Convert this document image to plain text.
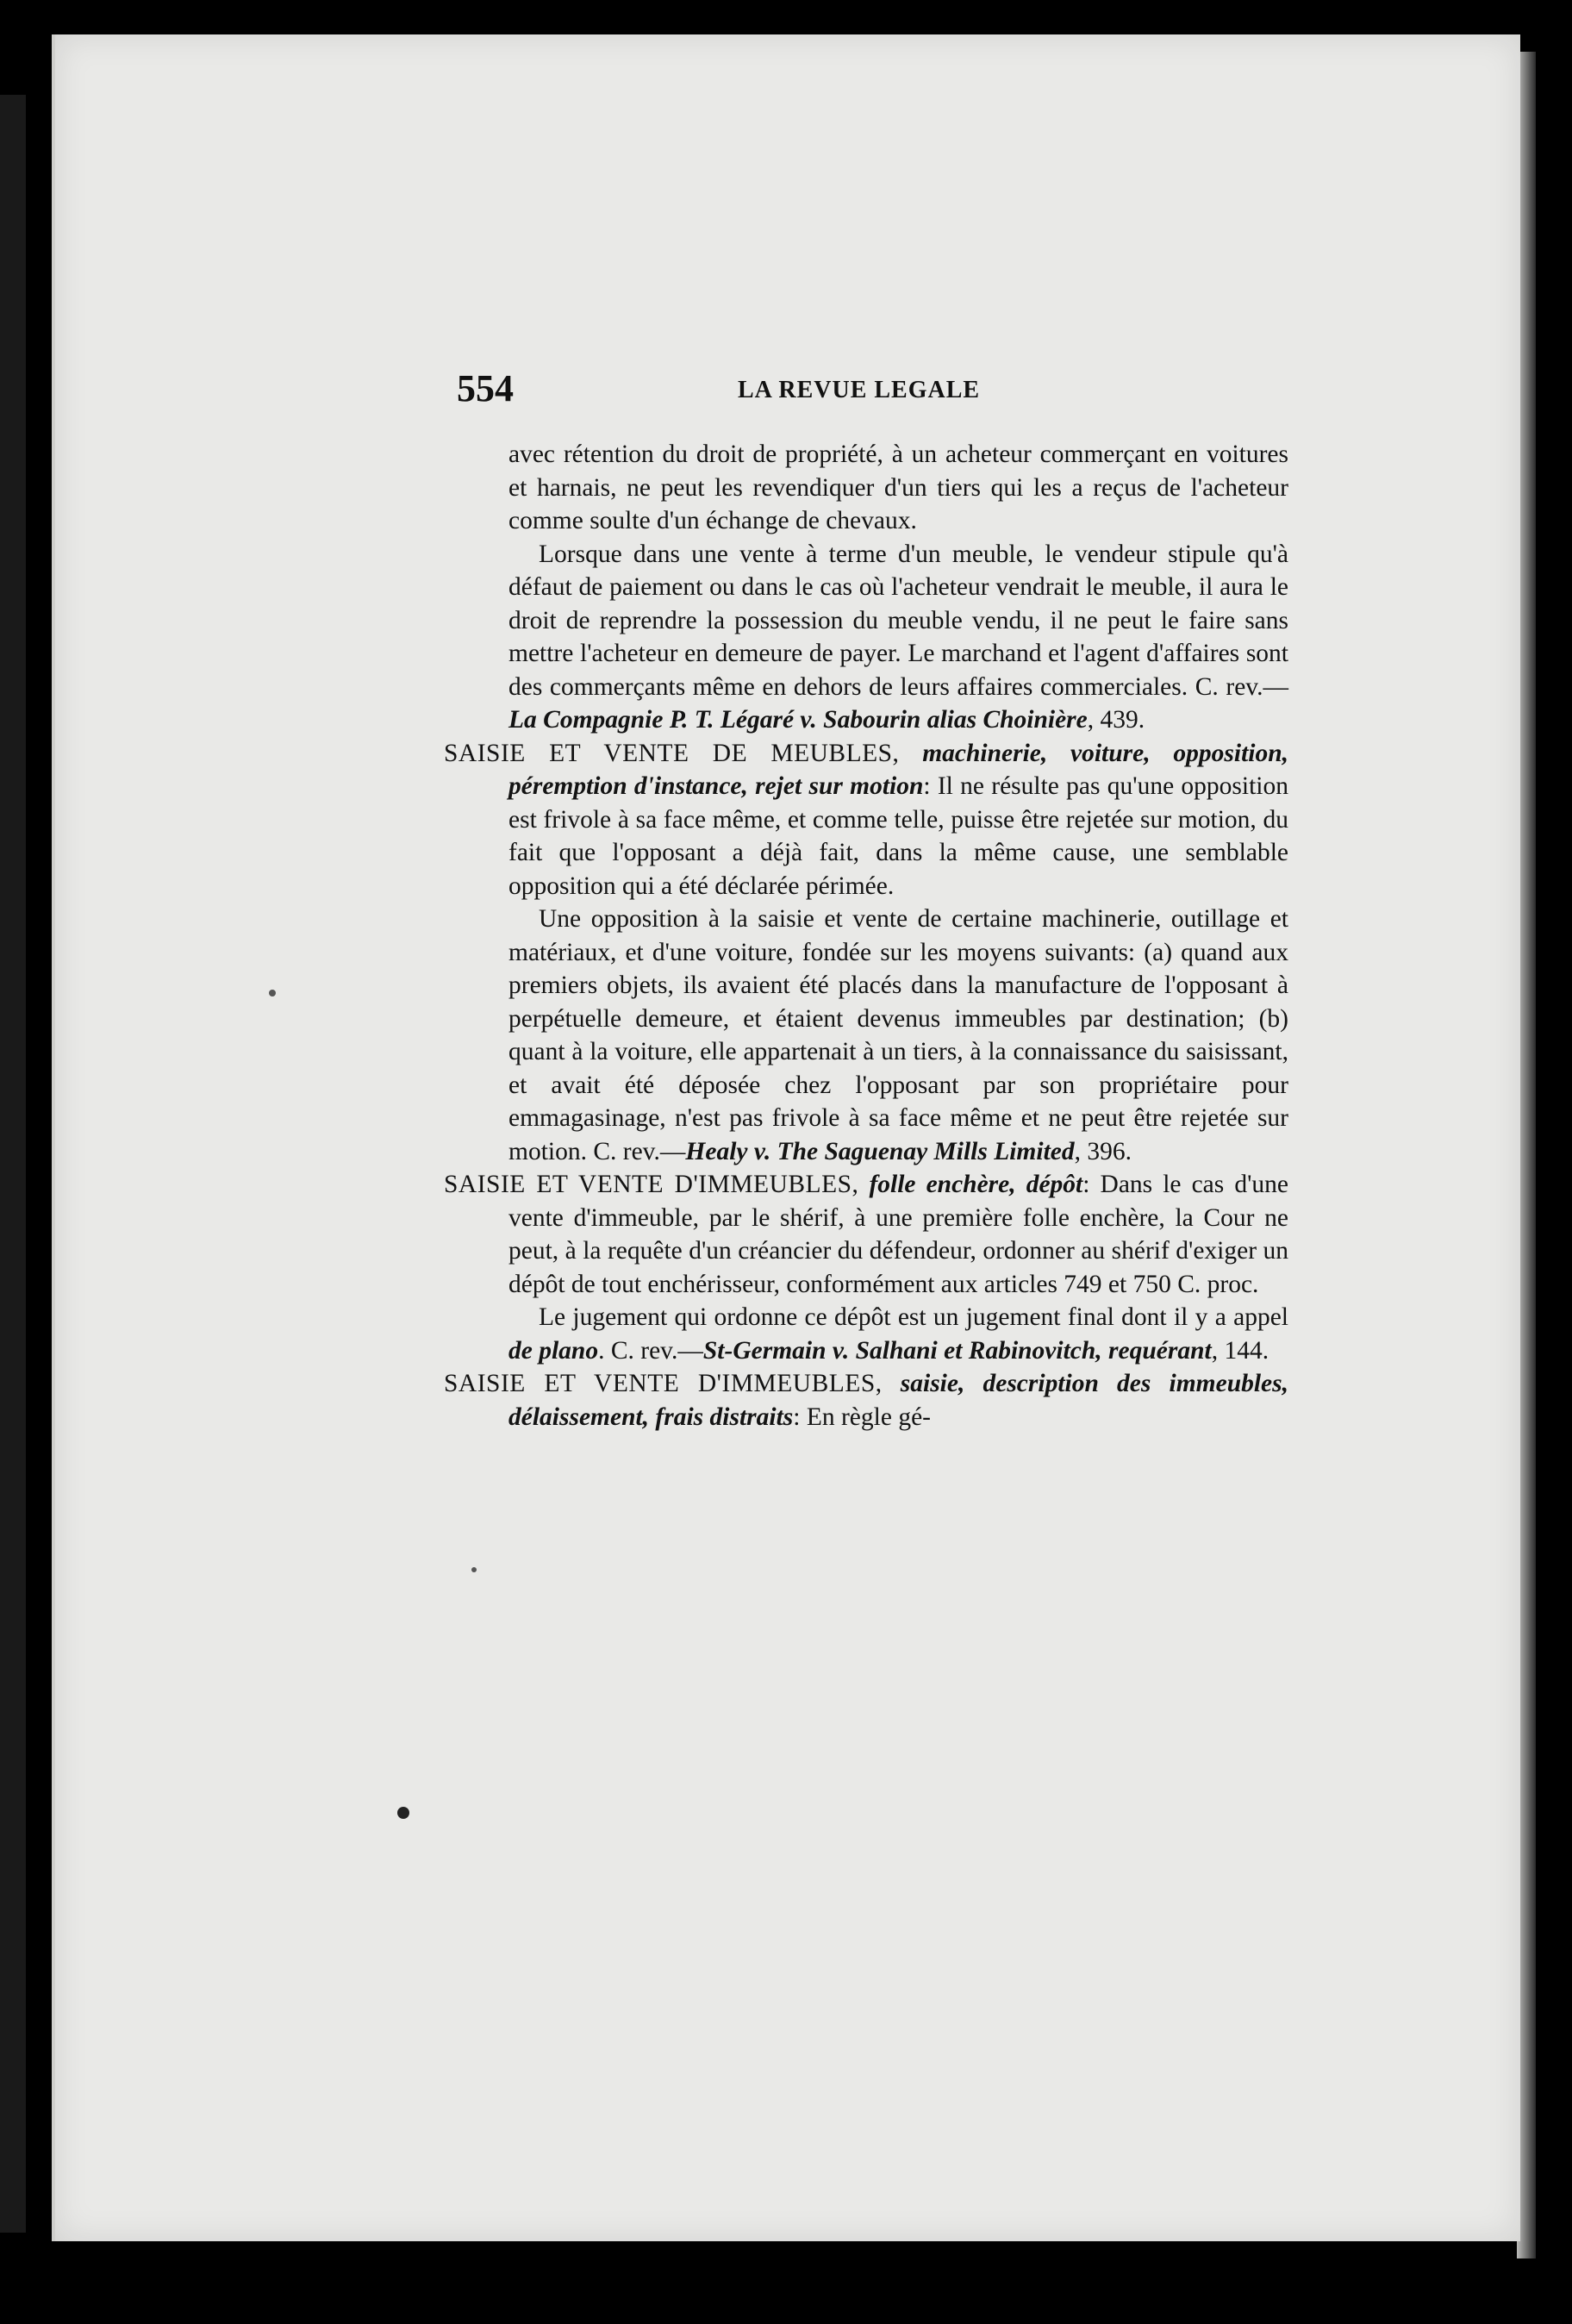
554	LA REVUE LEGALE

avec rétention du droit de propriété, à un acheteur commerçant en voitures et harnais, ne peut les revendiquer d'un tiers qui les a reçus de l'acheteur comme soulte d'un échange de chevaux.

Lorsque dans une vente à terme d'un meuble, le vendeur stipule qu'à défaut de paiement ou dans le cas où l'acheteur vendrait le meuble, il aura le droit de reprendre la possession du meuble vendu, il ne peut le faire sans mettre l'acheteur en demeure de payer. Le marchand et l'agent d'affaires sont des commerçants même en dehors de leurs affaires commerciales. C. rev.—La Compagnie P. T. Légaré v. Sabourin alias Choinière, 439.

SAISIE ET VENTE DE MEUBLES, machinerie, voiture, opposition, péremption d'instance, rejet sur motion: Il ne résulte pas qu'une opposition est frivole à sa face même, et comme telle, puisse être rejetée sur motion, du fait que l'opposant a déjà fait, dans la même cause, une semblable opposition qui a été déclarée périmée.

Une opposition à la saisie et vente de certaine machinerie, outillage et matériaux, et d'une voiture, fondée sur les moyens suivants: (a) quand aux premiers objets, ils avaient été placés dans la manufacture de l'opposant à perpétuelle demeure, et étaient devenus immeubles par destination; (b) quant à la voiture, elle appartenait à un tiers, à la connaissance du saisissant, et avait été déposée chez l'opposant par son propriétaire pour emmagasinage, n'est pas frivole à sa face même et ne peut être rejetée sur motion. C. rev.—Healy v. The Saguenay Mills Limited, 396.

SAISIE ET VENTE D'IMMEUBLES, folle enchère, dépôt: Dans le cas d'une vente d'immeuble, par le shérif, à une première folle enchère, la Cour ne peut, à la requête d'un créancier du défendeur, ordonner au shérif d'exiger un dépôt de tout enchérisseur, conformément aux articles 749 et 750 C. proc.

Le jugement qui ordonne ce dépôt est un jugement final dont il y a appel de plano. C. rev.—St-Germain v. Salhani et Rabinovitch, requérant, 144.

SAISIE ET VENTE D'IMMEUBLES, saisie, description des immeubles, délaissement, frais distraits: En règle gé-
